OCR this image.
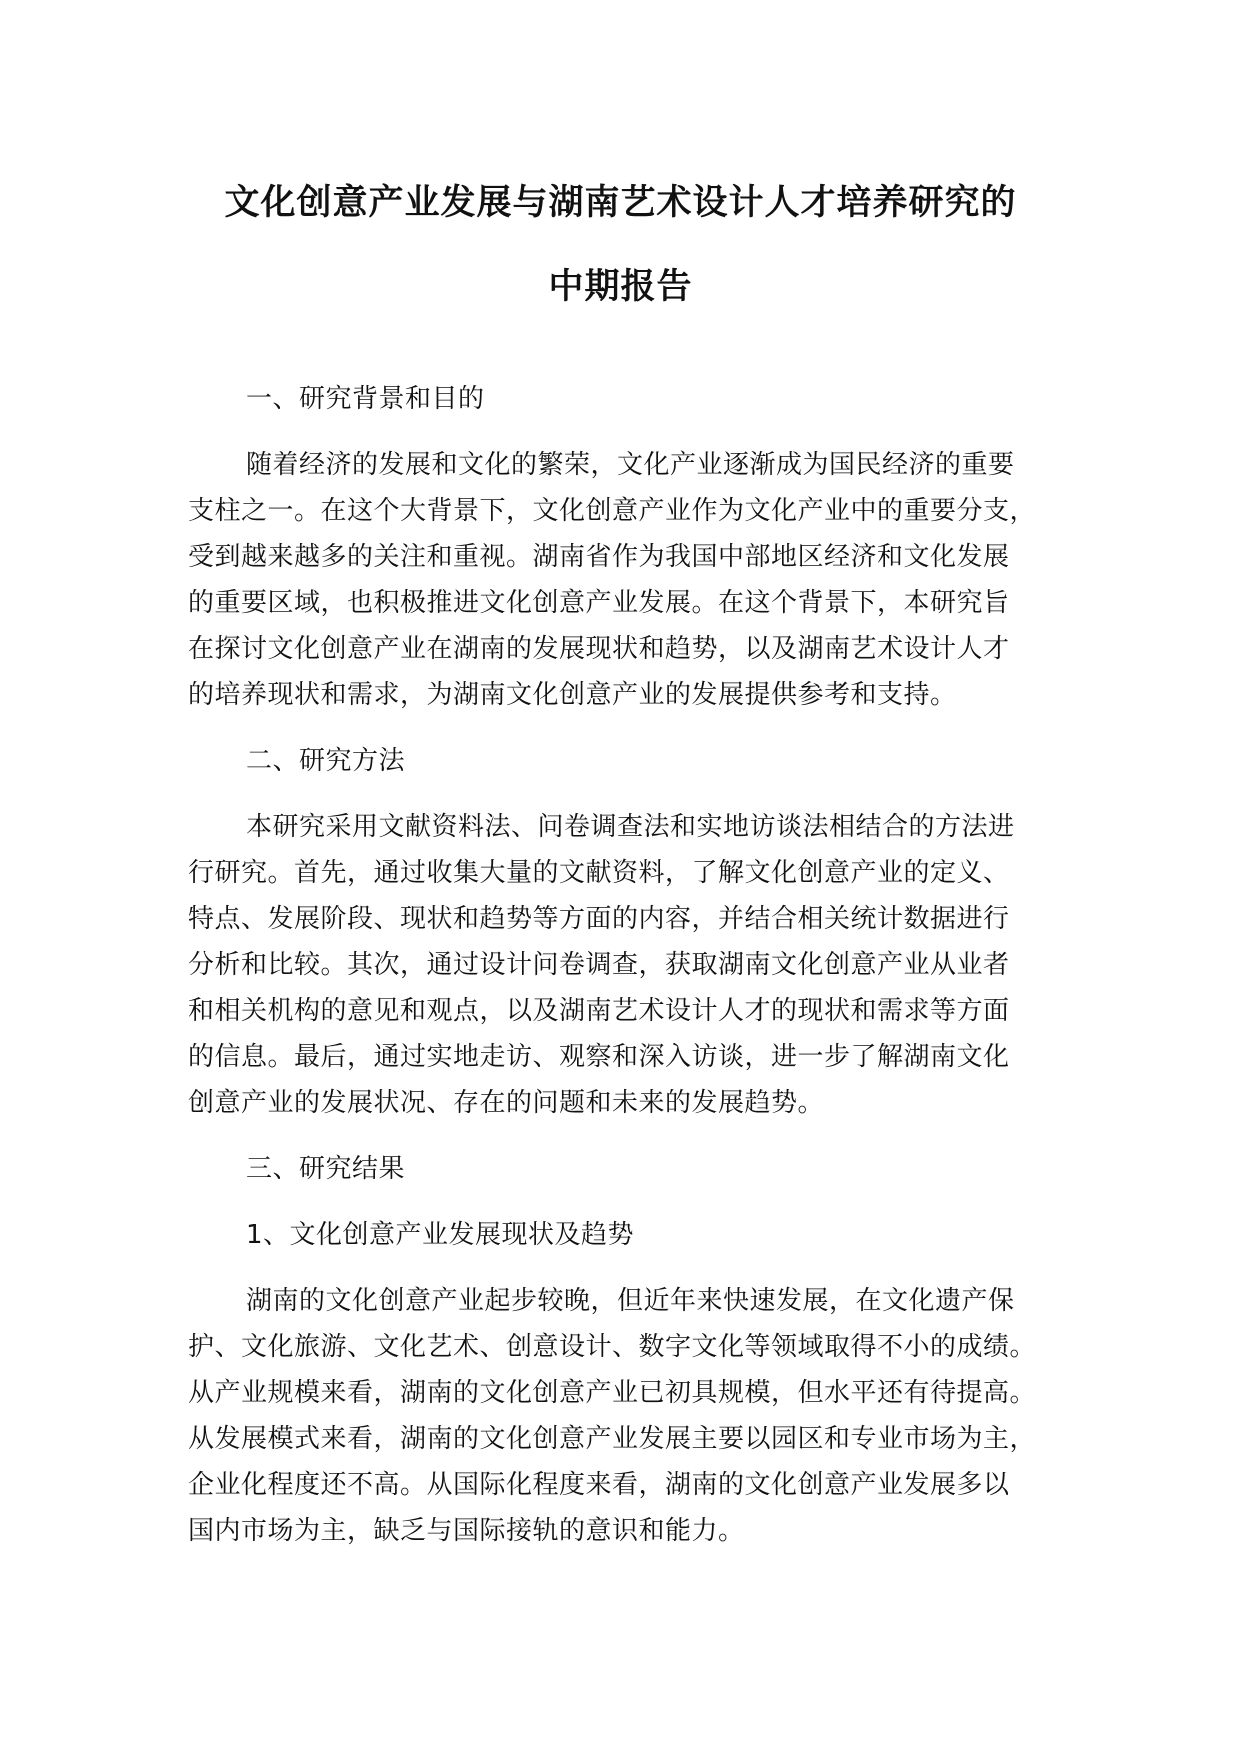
文化创意产业发展与湖南艺术设计人才培养研究的
中期报告
一、研究背景和目的

随着经济的发展和文化的繁荣，文化产业逐渐成为国民经济的重要
支柱之一。在这个大背景下，文化创意产业作为文化产业中的重要分支，
受到越来越多的关注和重视。湖南省作为我国中部地区经济和文化发展
的重要区域，也积极推进文化创意产业发展。在这个背景下，本研究旨
在探讨文化创意产业在湖南的发展现状和趋势，以及湖南艺术设计人才
的培养现状和需求，为湖南文化创意产业的发展提供参考和支持。

二、研究方法

本研究采用文献资料法、问卷调查法和实地访谈法相结合的方法进
行研究。首先，通过收集大量的文献资料，了解文化创意产业的定义、
特点、发展阶段、现状和趋势等方面的内容，并结合相关统计数据进行
分析和比较。其次，通过设计问卷调查，获取湖南文化创意产业从业者
和相关机构的意见和观点，以及湖南艺术设计人才的现状和需求等方面
的信息。最后，通过实地走访、观察和深入访谈，进一步了解湖南文化
创意产业的发展状况、存在的问题和未来的发展趋势。

三、研究结果
1、文化创意产业发展现状及趋势

湖南的文化创意产业起步较晚，但近年来快速发展，在文化遗产保
护、文化旅游、文化艺术、创意设计、数字文化等领域取得不小的成绩。
从产业规模来看，湖南的文化创意产业已初具规模，但水平还有待提高。
从发展模式来看，湖南的文化创意产业发展主要以园区和专业市场为主，
企业化程度还不高。从国际化程度来看，湖南的文化创意产业发展多以
国内市场为主，缺乏与国际接轨的意识和能力。
